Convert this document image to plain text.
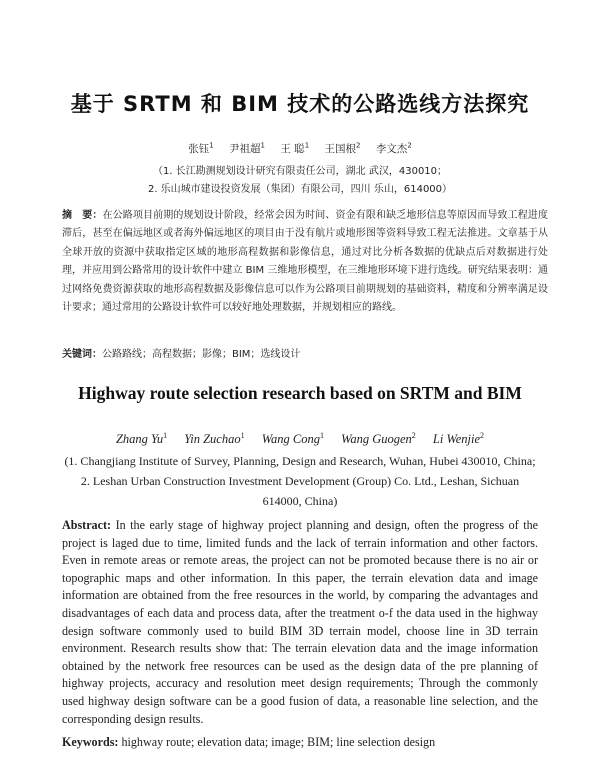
基于 SRTM 和 BIM 技术的公路选线方法探究
张钰$^1$ 尹祖超$^1$ 王 聪$^1$ 王国根$^2$ 李文杰$^2$
（1. 长江勘测规划设计研究有限责任公司，湖北 武汉，430010；
2. 乐山城市建设投资发展（集团）有限公司，四川 乐山，614000）
摘　要：在公路项目前期的规划设计阶段，经常会因为时间、资金有限和缺乏地形信息等原因而导致工程进度滞后，甚至在偏远地区或者海外偏远地区的项目由于没有航片或地形图等资料导致工程无法推进。文章基于从全球开放的资源中获取指定区域的地形高程数据和影像信息，通过对比分析各数据的优缺点后对数据进行处理，并应用到公路常用的设计软件中建立 BIM 三维地形模型，在三维地形环境下进行选线。研究结果表明：通过网络免费资源获取的地形高程数据及影像信息可以作为公路项目前期规划的基础资料，精度和分辨率满足设计要求；通过常用的公路设计软件可以较好地处理数据，并规划相应的路线。
关键词：公路路线；高程数据；影像；BIM；选线设计
Highway route selection research based on SRTM and BIM
Zhang Yu$^1$ Yin Zuchao$^1$ Wang Cong$^1$ Wang Guogen$^2$ Li Wenjie$^2$
(1. Changjiang Institute of Survey, Planning, Design and Research, Wuhan, Hubei 430010, China; 2. Leshan Urban Construction Investment Development (Group) Co. Ltd., Leshan, Sichuan 614000, China)

Abstract: In the early stage of highway project planning and design, often the progress of the project is laged due to time, limited funds and the lack of terrain information and other factors. Even in remote areas or remote areas, the project can not be promoted because there is no air or topographic maps and other information. In this paper, the terrain elevation data and image information are obtained from the free resources in the world, by comparing the advantages and disadvantages of each data and process data, after the treatment o-f the data used in the highway design software commonly used to build BIM 3D terrain model, choose line in 3D terrain environment. Research results show that: The terrain elevation data and the image information obtained by the network free resources can be used as the design data of the pre planning of highway projects, accuracy and resolution meet design requirements; Through the commonly used highway design software can be a good fusion of data, a reasonable line selection, and the corresponding design results.

Keywords: highway route; elevation data; image; BIM; line selection design
